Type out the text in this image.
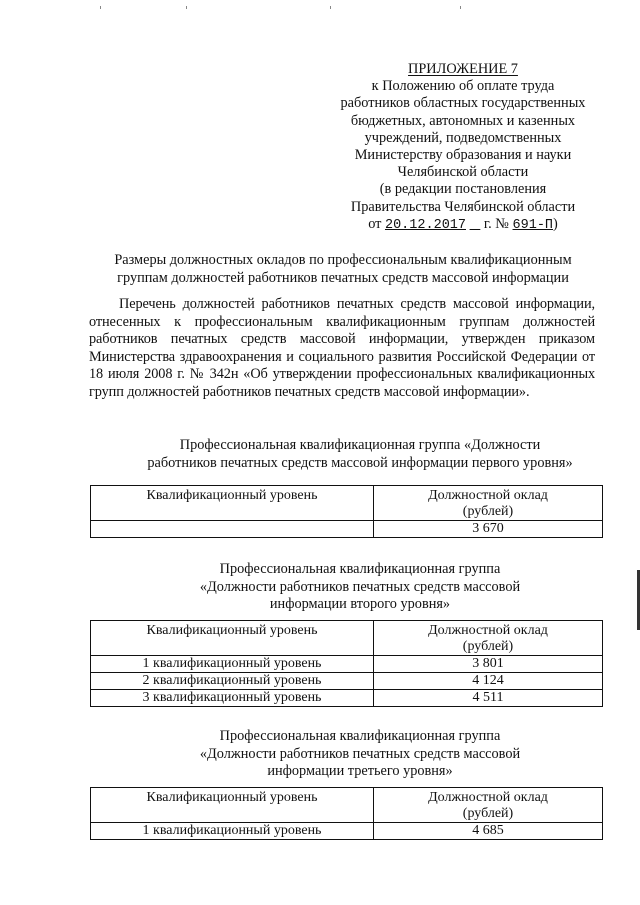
ПРИЛОЖЕНИЕ 7
к Положению об оплате труда
работников областных государственных
бюджетных, автономных и казенных
учреждений, подведомственных
Министерству образования и науки
Челябинской области
(в редакции постановления
Правительства Челябинской области
от 20.12.2017 г. № 691-П)
Размеры должностных окладов по профессиональным квалификационным
группам должностей работников печатных средств массовой информации
Перечень должностей работников печатных средств массовой информации, отнесенных к профессиональным квалификационным группам должностей работников печатных средств массовой информации, утвержден приказом Министерства здравоохранения и социального развития Российской Федерации от 18 июля 2008 г. № 342н «Об утверждении профессиональных квалификационных групп должностей работников печатных средств массовой информации».
Профессиональная квалификационная группа «Должности
работников печатных средств массовой информации первого уровня»
Квалификационный уровень	Должностной оклад
(рублей)

	3 670
Профессиональная квалификационная группа
«Должности работников печатных средств массовой
информации второго уровня»
Квалификационный уровень	Должностной оклад
(рублей)

1 квалификационный уровень	3 801
2 квалификационный уровень	4 124
3 квалификационный уровень	4 511
Профессиональная квалификационная группа
«Должности работников печатных средств массовой
информации третьего уровня»
Квалификационный уровень	Должностной оклад
(рублей)

1 квалификационный уровень	4 685
